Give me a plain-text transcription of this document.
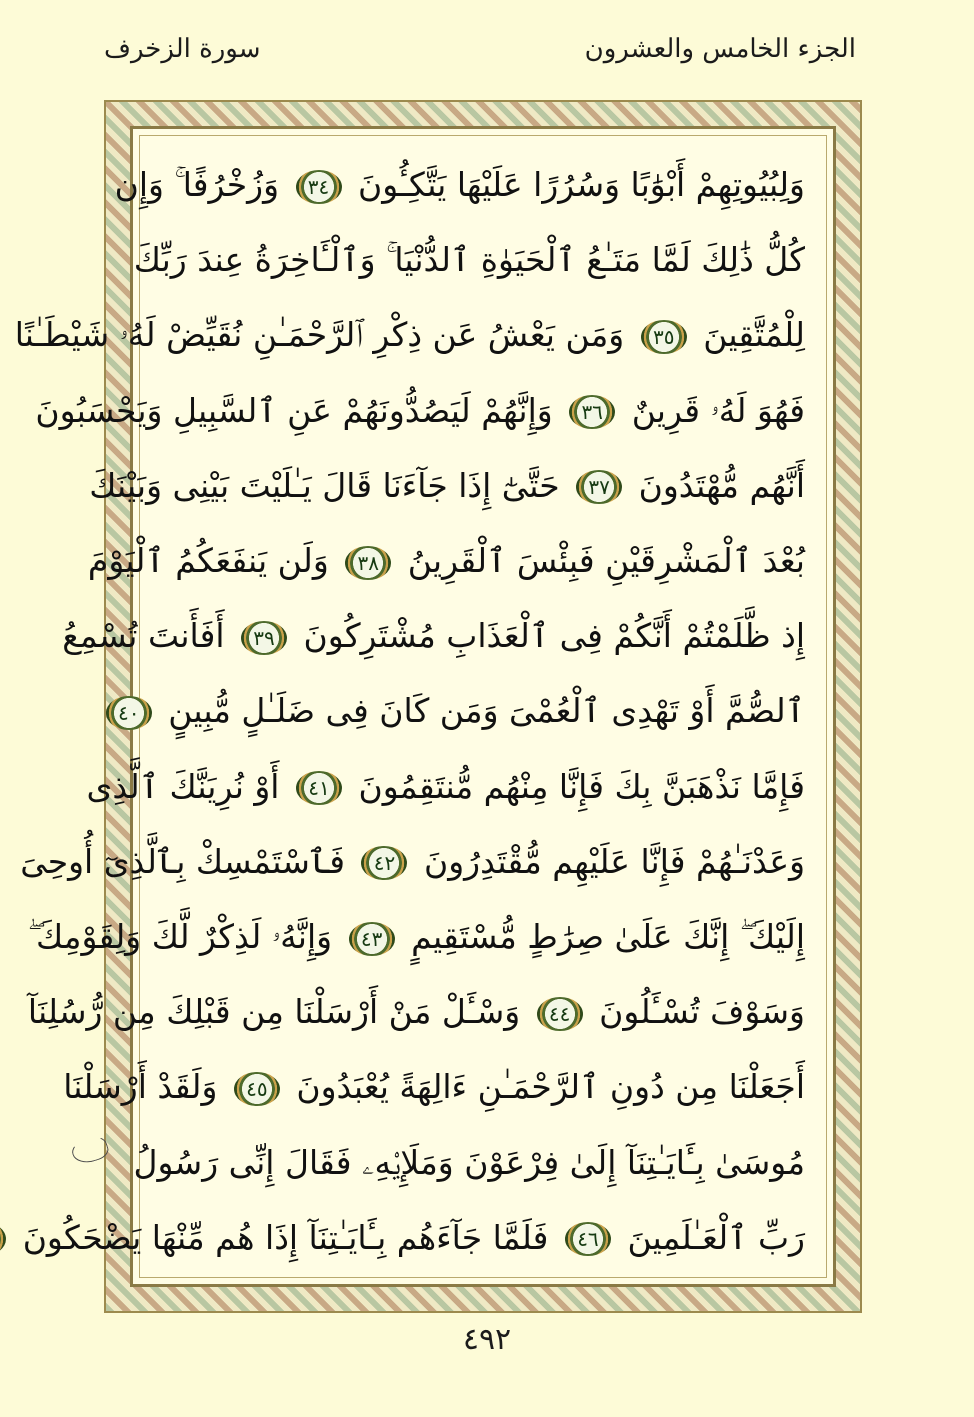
الجزء الخامس والعشرون
سورة الزخرف
وَلِبُيُوتِهِمْ أَبْوَٰبًا وَسُرُرًا عَلَيْهَا يَتَّكِـُٔونَ ٣٤ وَزُخْرُفًا ۚ وَإِن
كُلُّ ذَٰلِكَ لَمَّا مَتَـٰعُ ٱلْحَيَوٰةِ ٱلدُّنْيَا ۚ وَٱلْـَٔاخِرَةُ عِندَ رَبِّكَ
لِلْمُتَّقِينَ ٣٥ وَمَن يَعْشُ عَن ذِكْرِ ٱلرَّحْمَـٰنِ نُقَيِّضْ لَهُۥ شَيْطَـٰنًا
فَهُوَ لَهُۥ قَرِينٌ ٣٦ وَإِنَّهُمْ لَيَصُدُّونَهُمْ عَنِ ٱلسَّبِيلِ وَيَحْسَبُونَ
أَنَّهُم مُّهْتَدُونَ ٣٧ حَتَّىٰٓ إِذَا جَآءَنَا قَالَ يَـٰلَيْتَ بَيْنِى وَبَيْنَكَ
بُعْدَ ٱلْمَشْرِقَيْنِ فَبِئْسَ ٱلْقَرِينُ ٣٨ وَلَن يَنفَعَكُمُ ٱلْيَوْمَ
إِذ ظَّلَمْتُمْ أَنَّكُمْ فِى ٱلْعَذَابِ مُشْتَرِكُونَ ٣٩ أَفَأَنتَ تُسْمِعُ
ٱلصُّمَّ أَوْ تَهْدِى ٱلْعُمْىَ وَمَن كَانَ فِى ضَلَـٰلٍ مُّبِينٍ ٤٠
فَإِمَّا نَذْهَبَنَّ بِكَ فَإِنَّا مِنْهُم مُّنتَقِمُونَ ٤١ أَوْ نُرِيَنَّكَ ٱلَّذِى
وَعَدْنَـٰهُمْ فَإِنَّا عَلَيْهِم مُّقْتَدِرُونَ ٤٢ فَٱسْتَمْسِكْ بِٱلَّذِىٓ أُوحِىَ
إِلَيْكَ ۖ إِنَّكَ عَلَىٰ صِرَٰطٍ مُّسْتَقِيمٍ ٤٣ وَإِنَّهُۥ لَذِكْرٌ لَّكَ وَلِقَوْمِكَ ۖ
وَسَوْفَ تُسْـَٔلُونَ ٤٤ وَسْـَٔلْ مَنْ أَرْسَلْنَا مِن قَبْلِكَ مِن رُّسُلِنَآ
أَجَعَلْنَا مِن دُونِ ٱلرَّحْمَـٰنِ ءَالِهَةً يُعْبَدُونَ ٤٥ وَلَقَدْ أَرْسَلْنَا
مُوسَىٰ بِـَٔايَـٰتِنَآ إِلَىٰ فِرْعَوْنَ وَمَلَإِي۟هِۦ فَقَالَ إِنِّى رَسُولُ
رَبِّ ٱلْعَـٰلَمِينَ ٤٦ فَلَمَّا جَآءَهُم بِـَٔايَـٰتِنَآ إِذَا هُم مِّنْهَا يَضْحَكُونَ
٤٩٢
